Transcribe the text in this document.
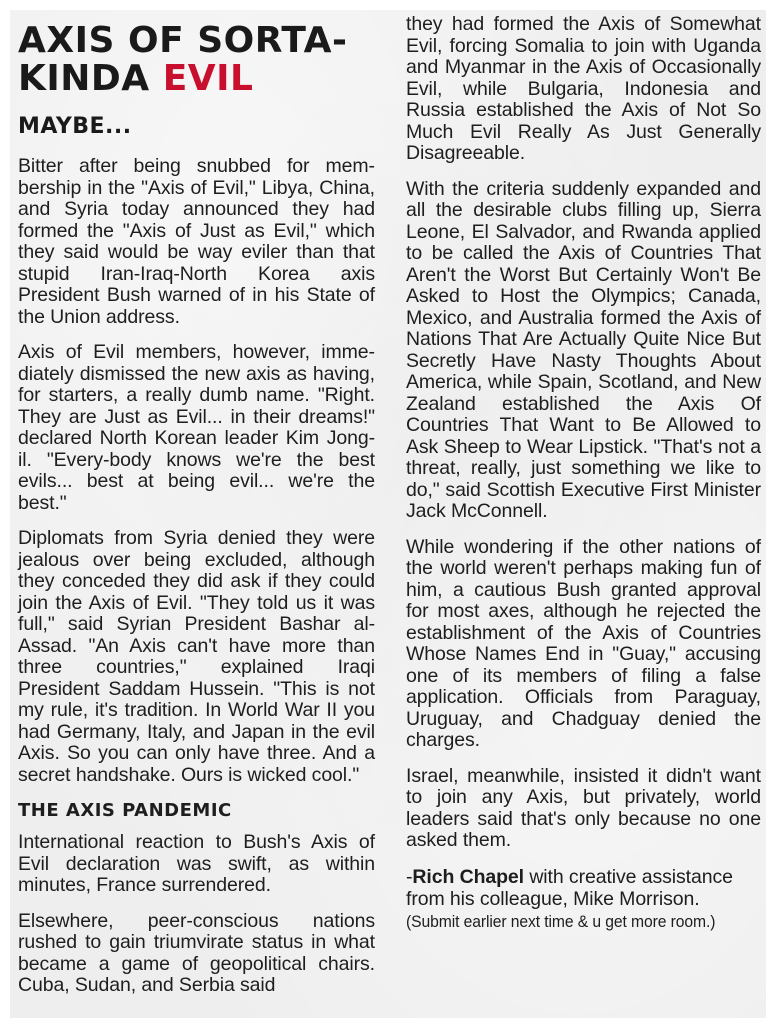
AXIS OF SORTA-
KINDA EVIL MAYBE...

Bitter after being snubbed for membership in the "Axis of Evil," Libya, China, and Syria today announced they had formed the "Axis of Just as Evil," which they said would be way eviler than that stupid Iran-Iraq-North Korea axis President Bush warned of in his State of the Union address.

Axis of Evil members, however, immediately dismissed the new axis as having, for starters, a really dumb name. "Right. They are Just as Evil... in their dreams!" declared North Korean leader Kim Jong-il. "Every-body knows we're the best evils... best at being evil... we're the best."

Diplomats from Syria denied they were jealous over being excluded, although they conceded they did ask if they could join the Axis of Evil. "They told us it was full," said Syrian President Bashar al-Assad. "An Axis can't have more than three countries," explained Iraqi President Saddam Hussein. "This is not my rule, it's tradition. In World War II you had Germany, Italy, and Japan in the evil Axis. So you can only have three. And a secret handshake. Ours is wicked cool."

THE AXIS PANDEMIC

International reaction to Bush's Axis of Evil declaration was swift, as within minutes, France surrendered.

Elsewhere, peer-conscious nations rushed to gain triumvirate status in what became a game of geopolitical chairs. Cuba, Sudan, and Serbia said

they had formed the Axis of Somewhat Evil, forcing Somalia to join with Uganda and Myanmar in the Axis of Occasionally Evil, while Bulgaria, Indonesia and Russia established the Axis of Not So Much Evil Really As Just Generally Disagreeable.

With the criteria suddenly expanded and all the desirable clubs filling up, Sierra Leone, El Salvador, and Rwanda applied to be called the Axis of Countries That Aren't the Worst But Certainly Won't Be Asked to Host the Olympics; Canada, Mexico, and Australia formed the Axis of Nations That Are Actually Quite Nice But Secretly Have Nasty Thoughts About America, while Spain, Scotland, and New Zealand established the Axis Of Countries That Want to Be Allowed to Ask Sheep to Wear Lipstick. "That's not a threat, really, just something we like to do," said Scottish Executive First Minister Jack McConnell.

While wondering if the other nations of the world weren't perhaps making fun of him, a cautious Bush granted approval for most axes, although he rejected the establishment of the Axis of Countries Whose Names End in "Guay," accusing one of its members of filing a false application. Officials from Paraguay, Uruguay, and Chadguay denied the charges.

Israel, meanwhile, insisted it didn't want to join any Axis, but privately, world leaders said that's only because no one asked them.

-Rich Chapel with creative assistance from his colleague, Mike Morrison.
(Submit earlier next time & u get more room.)
